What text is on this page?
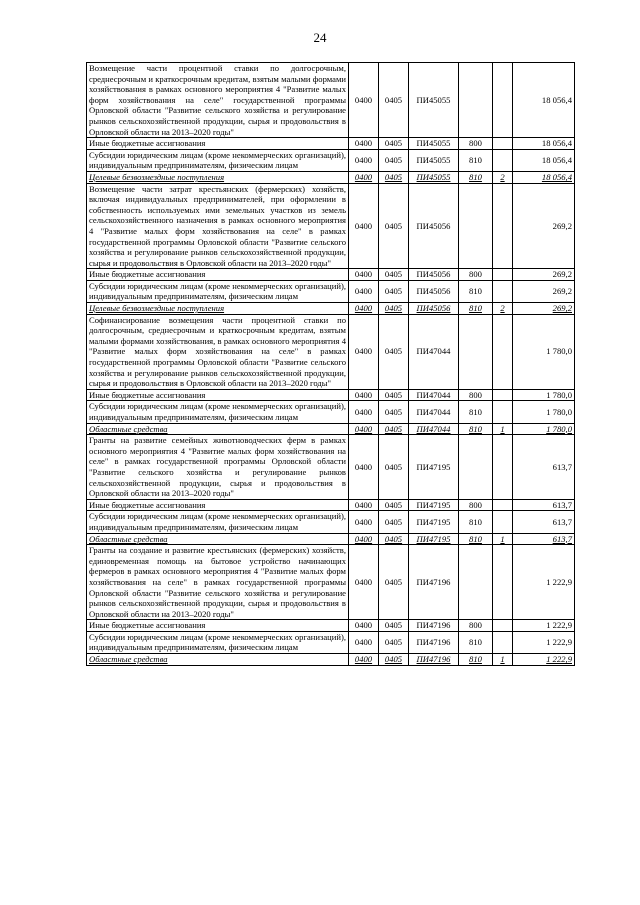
24
Возмещение части процентной ставки по долгосрочным, среднесрочным и краткосрочным кредитам, взятым малыми формами хозяйствования в рамках основного мероприятия 4 "Развитие малых форм хозяйствования на селе" государственной программы Орловской области "Развитие сельского хозяйства и регулирование рынков сельскохозяйственной продукции, сырья и продовольствия в Орловской области на 2013–2020 годы"	0400	0405	ПИ45055			18 056,4
Иные бюджетные ассигнования	0400	0405	ПИ45055	800		18 056,4
Субсидии юридическим лицам (кроме некоммерческих организаций), индивидуальным предпринимателям, физическим лицам	0400	0405	ПИ45055	810		18 056,4
Целевые безвозмездные поступления	0400	0405	ПИ45055	810	2	18 056,4
Возмещение части затрат крестьянских (фермерских) хозяйств, включая индивидуальных предпринимателей, при оформлении в собственность используемых ими земельных участков из земель сельскохозяйственного назначения в рамках основного мероприятия 4 "Развитие малых форм хозяйствования на селе" в рамках государственной программы Орловской области "Развитие сельского хозяйства и регулирование рынков сельскохозяйственной продукции, сырья и продовольствия в Орловской области на 2013–2020 годы"	0400	0405	ПИ45056			269,2
Иные бюджетные ассигнования	0400	0405	ПИ45056	800		269,2
Субсидии юридическим лицам (кроме некоммерческих организаций), индивидуальным предпринимателям, физическим лицам	0400	0405	ПИ45056	810		269,2
Целевые безвозмездные поступления	0400	0405	ПИ45056	810	2	269,2
Софинансирование возмещения части процентной ставки по долгосрочным, среднесрочным и краткосрочным кредитам, взятым малыми формами хозяйствования, в рамках основного мероприятия 4 "Развитие малых форм хозяйствования на селе" в рамках государственной программы Орловской области "Развитие сельского хозяйства и регулирование рынков сельскохозяйственной продукции, сырья и продовольствия в Орловской области на 2013–2020 годы"	0400	0405	ПИ47044			1 780,0
Иные бюджетные ассигнования	0400	0405	ПИ47044	800		1 780,0
Субсидии юридическим лицам (кроме некоммерческих организаций), индивидуальным предпринимателям, физическим лицам	0400	0405	ПИ47044	810		1 780,0
Областные средства	0400	0405	ПИ47044	810	1	1 780,0
Гранты на развитие семейных животноводческих ферм в рамках основного мероприятия 4 "Развитие малых форм хозяйствования на селе" в рамках государственной программы Орловской области "Развитие сельского хозяйства и регулирование рынков сельскохозяйственной продукции, сырья и продовольствия в Орловской области на 2013–2020 годы"	0400	0405	ПИ47195			613,7
Иные бюджетные ассигнования	0400	0405	ПИ47195	800		613,7
Субсидии юридическим лицам (кроме некоммерческих организаций), индивидуальным предпринимателям, физическим лицам	0400	0405	ПИ47195	810		613,7
Областные средства	0400	0405	ПИ47195	810	1	613,7
Гранты на создание и развитие крестьянских (фермерских) хозяйств, единовременная помощь на бытовое устройство начинающих фермеров в рамках основного мероприятия 4 "Развитие малых форм хозяйствования на селе" в рамках государственной программы Орловской области "Развитие сельского хозяйства и регулирование рынков сельскохозяйственной продукции, сырья и продовольствия в Орловской области на 2013–2020 годы"	0400	0405	ПИ47196			1 222,9
Иные бюджетные ассигнования	0400	0405	ПИ47196	800		1 222,9
Субсидии юридическим лицам (кроме некоммерческих организаций), индивидуальным предпринимателям, физическим лицам	0400	0405	ПИ47196	810		1 222,9
Областные средства	0400	0405	ПИ47196	810	1	1 222,9
